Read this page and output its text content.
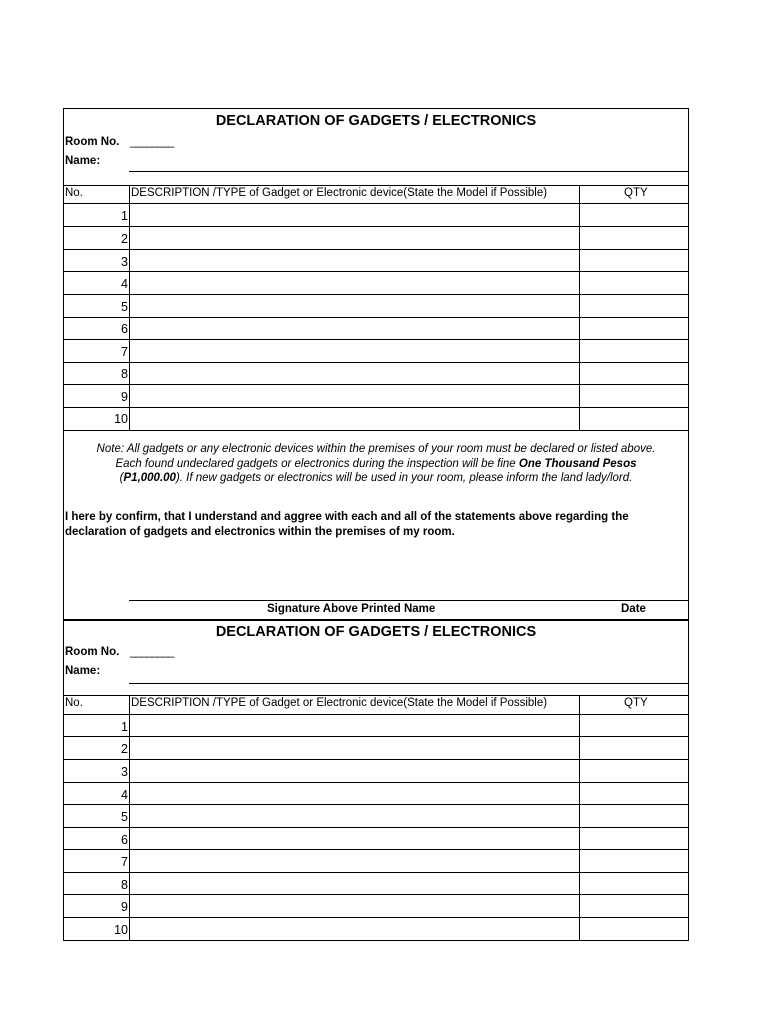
DECLARATION OF GADGETS / ELECTRONICS
Room No. ________
Name:
No.	DESCRIPTION /TYPE of Gadget or Electronic device(State the Model if Possible)	QTY
1
2
3
4
5
6
7
8
9
10
Note: All gadgets or any electronic devices within the premises of your room must be declared or listed above.
Each found undeclared gadgets or electronics during the inspection will be fine One Thousand Pesos
(P1,000.00). If new gadgets or electronics will be used in your room, please inform the land lady/lord.
I here by confirm, that I understand and aggree with each and all of the statements above regarding the
declaration of gadgets and electronics within the premises of my room.
Signature Above Printed Name	Date
DECLARATION OF GADGETS / ELECTRONICS
Room No. ________
Name:
No.	DESCRIPTION /TYPE of Gadget or Electronic device(State the Model if Possible)	QTY
1
2
3
4
5
6
7
8
9
10
